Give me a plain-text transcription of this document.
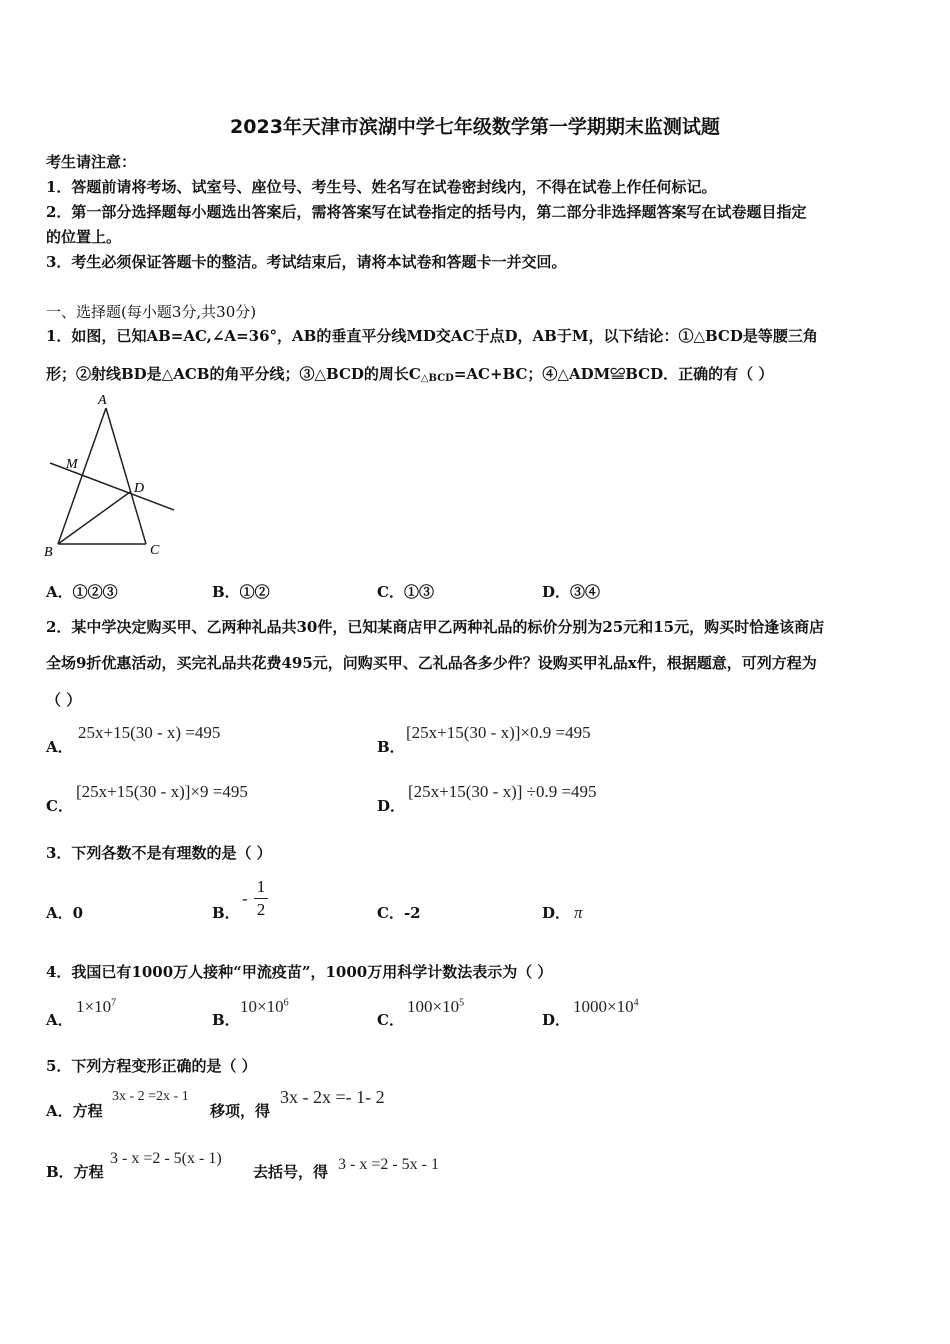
2023年天津市滨湖中学七年级数学第一学期期末监测试题
考生请注意：
1．答题前请将考场、试室号、座位号、考生号、姓名写在试卷密封线内，不得在试卷上作任何标记。
2．第一部分选择题每小题选出答案后，需将答案写在试卷指定的括号内，第二部分非选择题答案写在试卷题目指定
的位置上。
3．考生必须保证答题卡的整洁。考试结束后，请将本试卷和答题卡一并交回。
一、选择题(每小题3分,共30分)
1．如图，已知AB=AC,∠A=36°，AB的垂直平分线MD交AC于点D，AB于M，以下结论：①△BCD是等腰三角
形；②射线BD是△ACB的角平分线；③△BCD的周长C△BCD=AC+BC；④△ADM≌BCD．正确的有（ ）
A
M
D
B	C
A．①②③	B．①②	C．①③	D．③④
2．某中学决定购买甲、乙两种礼品共30件，已知某商店甲乙两种礼品的标价分别为25元和15元，购买时恰逢该商店
全场9折优惠活动，买完礼品共花费495元，问购买甲、乙礼品各多少件？设购买甲礼品x件，根据题意，可列方程为
（ ）
A．
25x+15(30 - x) =495
B．
[25x+15(30 - x)]×0.9 =495
C．
[25x+15(30 - x)]×9 =495
D．
[25x+15(30 - x)] ÷0.9 =495
3．下列各数不是有理数的是（ ）
A．0	B．
-
1
2	C．-2	D． π
4．我国已有1000万人接种“甲流疫苗”，1000万用科学计数法表示为（ ）
A．
$1\times 10^7$
B．
$10\times 10^6$
C．
$100\times 10^5$
D．
$1000\times 10^4$
5．下列方程变形正确的是（ ）
A．方程
3x - 2 =2x - 1
移项，得
3x - 2x =- 1- 2
B．方程
3 - x =2 - 5(x - 1)
去括号，得 3 - x =2 - 5x - 1
